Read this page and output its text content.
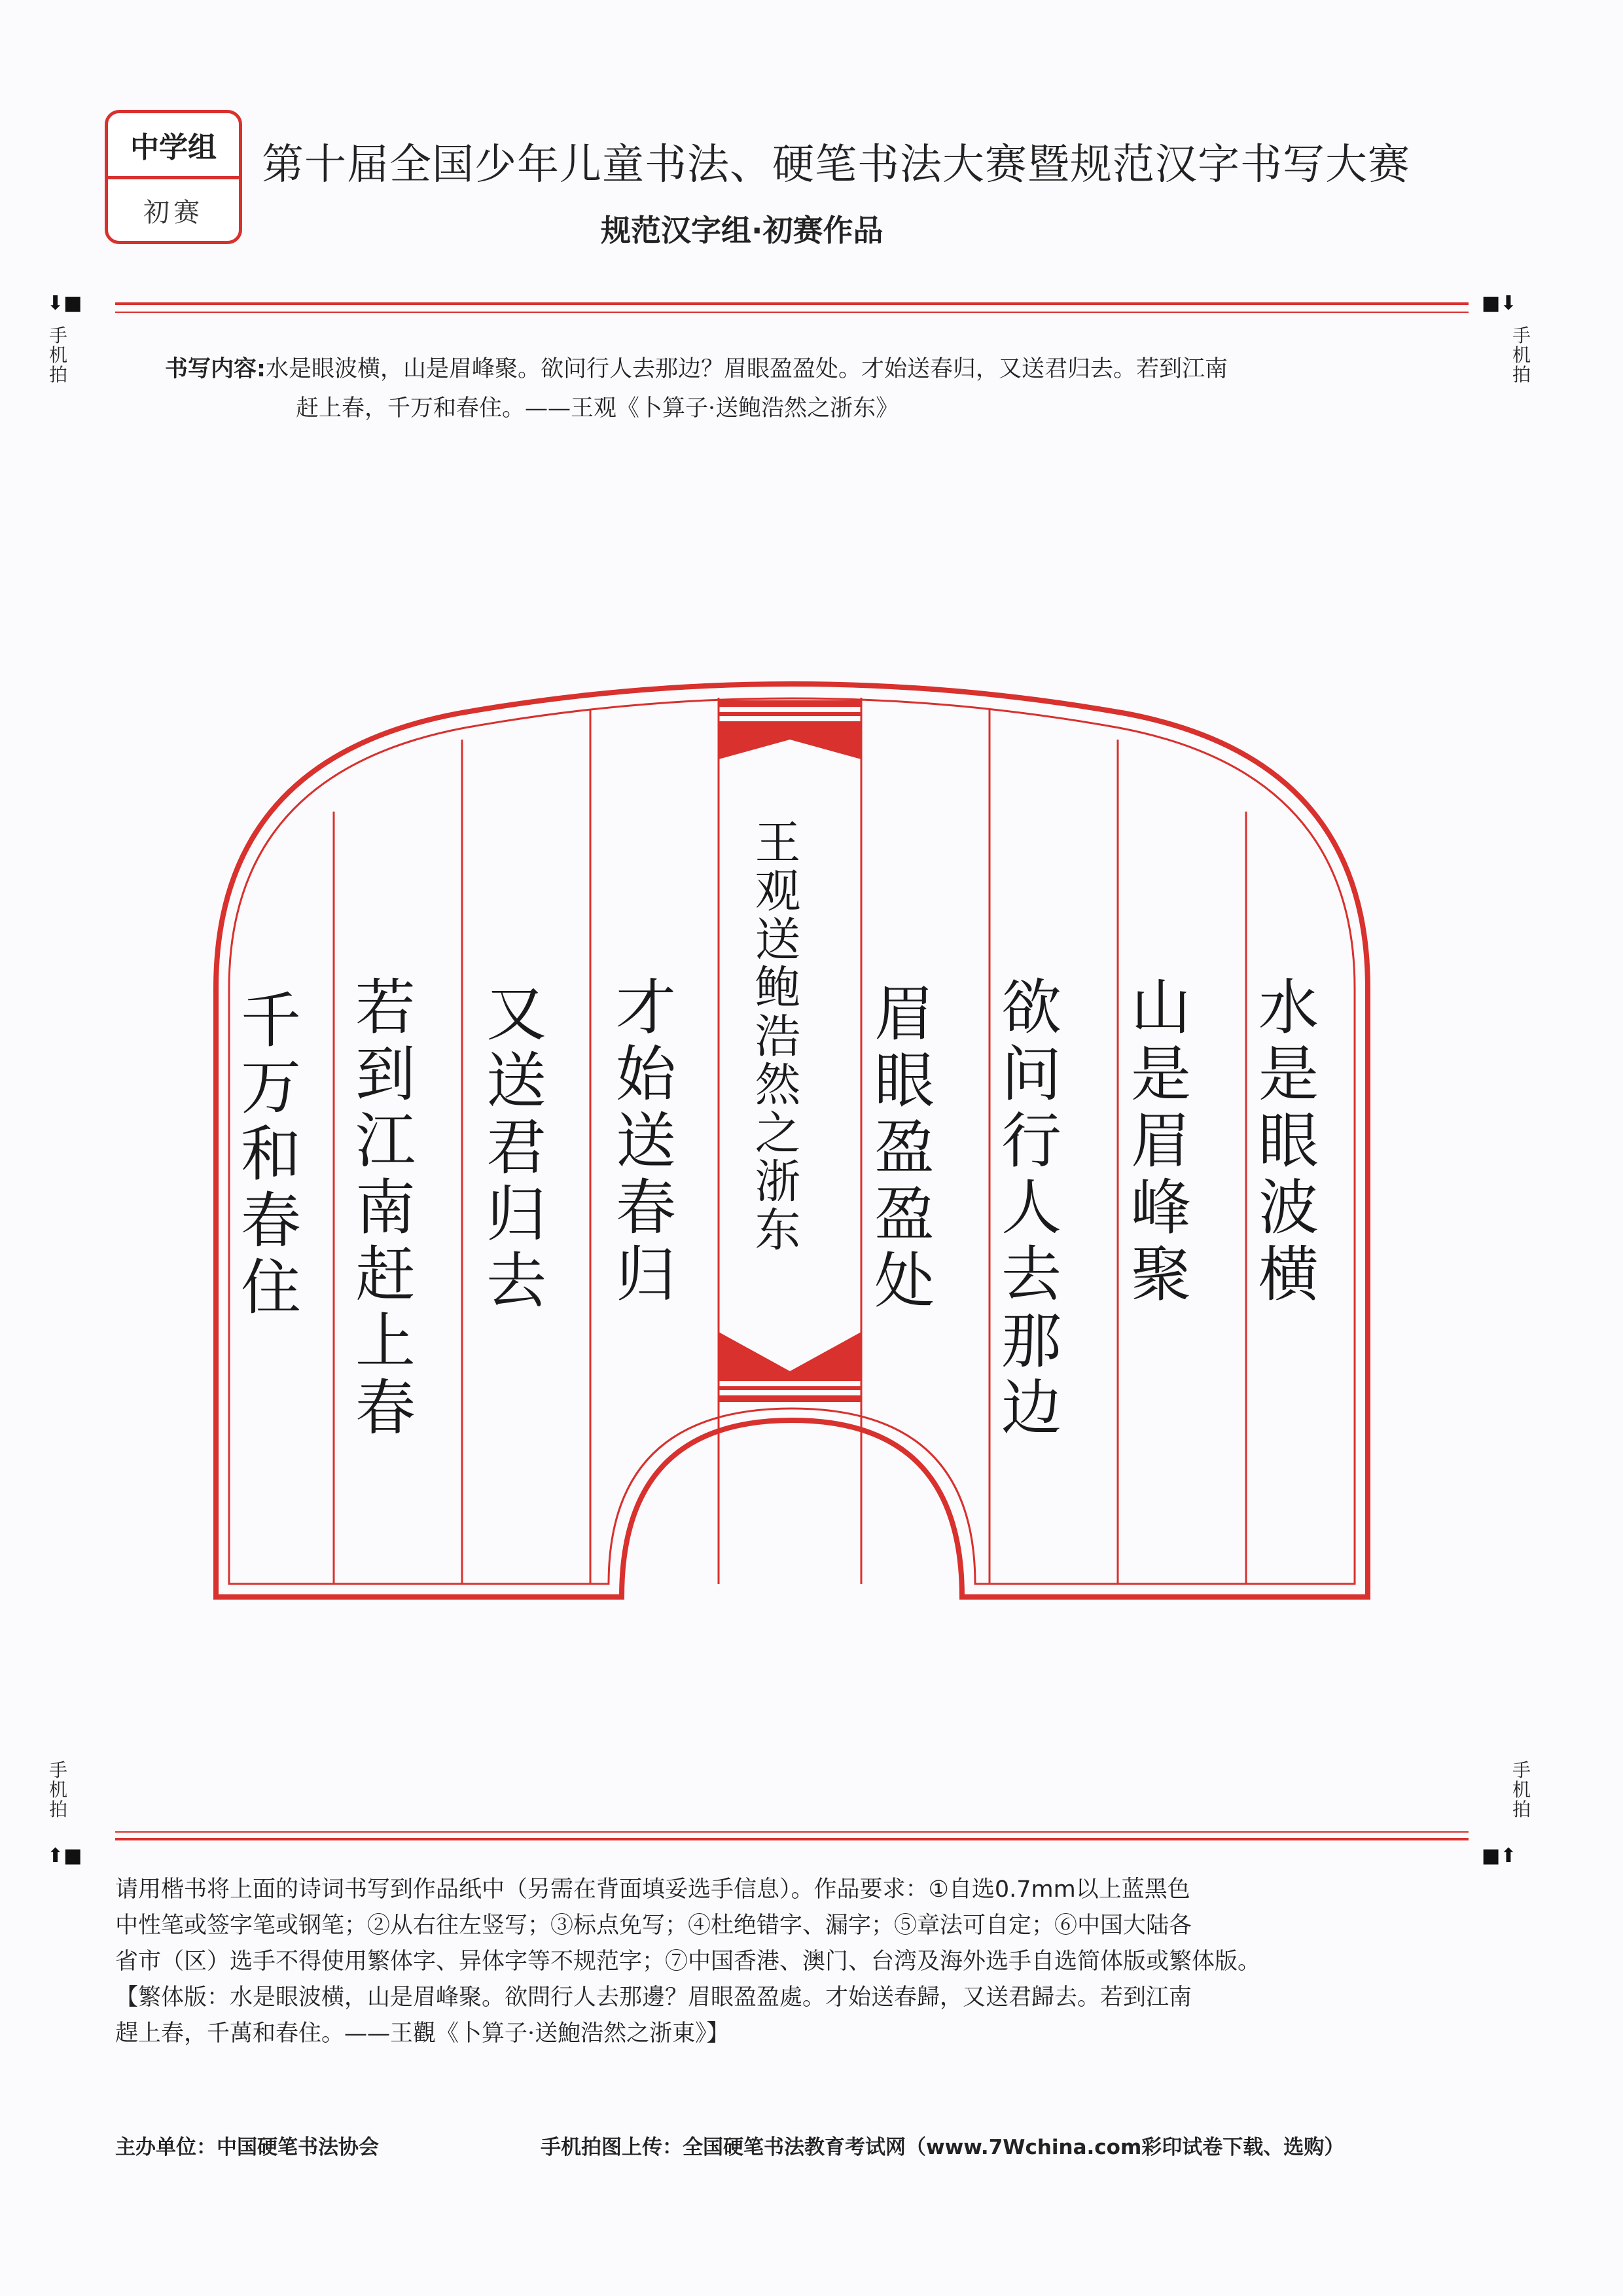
中学组
初赛
第十届全国少年儿童书法、硬笔书法大赛暨规范汉字书写大赛
规范汉字组·初赛作品
⬇■
手机拍
■⬇
手机拍
书写内容:水是眼波横，山是眉峰聚。欲问行人去那边？眉眼盈盈处。才始送春归，又送君归去。若到江南
赶上春，千万和春住。——王观《卜算子·送鲍浩然之浙东》
水是眼波横
山是眉峰聚
欲问行人去那边
眉眼盈盈处
王观送鲍浩然之浙东
才始送春归
又送君归去
若到江南赶上春
千万和春住
手机拍
⬆■
手机拍
■⬆
请用楷书将上面的诗词书写到作品纸中（另需在背面填妥选手信息）。作品要求：①自选0.7mm以上蓝黑色
中性笔或签字笔或钢笔；②从右往左竖写；③标点免写；④杜绝错字、漏字；⑤章法可自定；⑥中国大陆各
省市（区）选手不得使用繁体字、异体字等不规范字；⑦中国香港、澳门、台湾及海外选手自选简体版或繁体版。
【繁体版：水是眼波横，山是眉峰聚。欲問行人去那邊？眉眼盈盈處。才始送春歸，又送君歸去。若到江南
趕上春，千萬和春住。——王觀《卜算子·送鮑浩然之浙東》】
主办单位：中国硬笔书法协会	手机拍图上传：全国硬笔书法教育考试网（www.7Wchina.com彩印试卷下载、选购）
